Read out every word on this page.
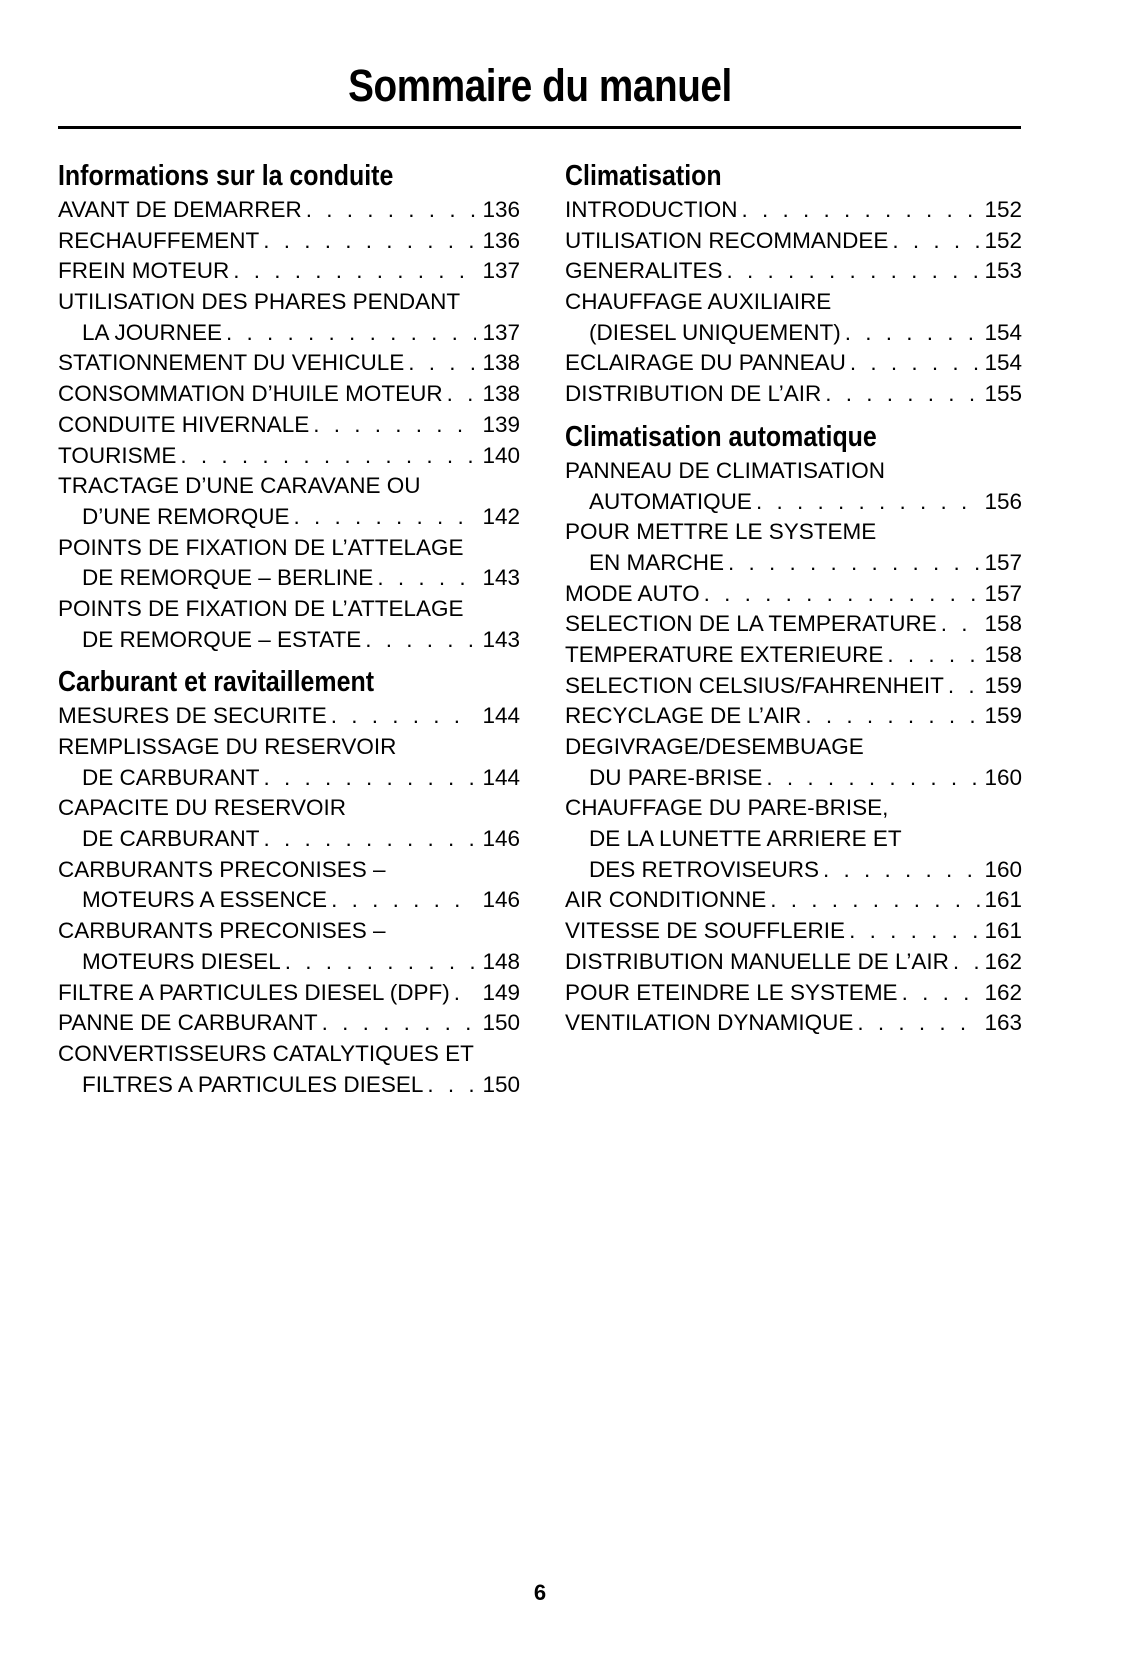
Sommaire du manuel
Informations sur la conduite
AVANT DE DEMARRER . . .	136
RECHAUFFEMENT . . .	136
FREIN MOTEUR . . .	137
UTILISATION DES PHARES PENDANT
LA JOURNEE . . .	137
STATIONNEMENT DU VEHICULE . . .	138
CONSOMMATION D’HUILE MOTEUR . . . 138
CONDUITE HIVERNALE . . .	139
TOURISME . . .	140
TRACTAGE D’UNE CARAVANE OU
D’UNE REMORQUE . . .	142
POINTS DE FIXATION DE L’ATTELAGE
DE REMORQUE – BERLINE . . .	143
POINTS DE FIXATION DE L’ATTELAGE
DE REMORQUE – ESTATE . . .	143
Carburant et ravitaillement
MESURES DE SECURITE . . .	144
REMPLISSAGE DU RESERVOIR
DE CARBURANT . . .	144
CAPACITE DU RESERVOIR
DE CARBURANT . . .	146
CARBURANTS PRECONISES –
MOTEURS A ESSENCE . . .	146
CARBURANTS PRECONISES –
MOTEURS DIESEL . . .	148
FILTRE A PARTICULES DIESEL (DPF) . . . 149
PANNE DE CARBURANT . . .	150
CONVERTISSEURS CATALYTIQUES ET
FILTRES A PARTICULES DIESEL . . .	150
Climatisation
INTRODUCTION . . .	152
UTILISATION RECOMMANDEE . . .	152
GENERALITES . . .	153
CHAUFFAGE AUXILIAIRE
(DIESEL UNIQUEMENT) . . .	154
ECLAIRAGE DU PANNEAU . . .	154
DISTRIBUTION DE L’AIR . . .	155
Climatisation automatique
PANNEAU DE CLIMATISATION
AUTOMATIQUE . . .	156
POUR METTRE LE SYSTEME
EN MARCHE . . .	157
MODE AUTO . . .	157
SELECTION DE LA TEMPERATURE . . . 158
TEMPERATURE EXTERIEURE . . .	158
SELECTION CELSIUS/FAHRENHEIT . . . 159
RECYCLAGE DE L’AIR . . .	159
DEGIVRAGE/DESEMBUAGE
DU PARE-BRISE . . .	160
CHAUFFAGE DU PARE-BRISE,
DE LA LUNETTE ARRIERE ET
DES RETROVISEURS . . .	160
AIR CONDITIONNE . . .	161
VITESSE DE SOUFFLERIE . . .	161
DISTRIBUTION MANUELLE DE L’AIR . . . 162
POUR ETEINDRE LE SYSTEME . . .	162
VENTILATION DYNAMIQUE . . .	163
6
